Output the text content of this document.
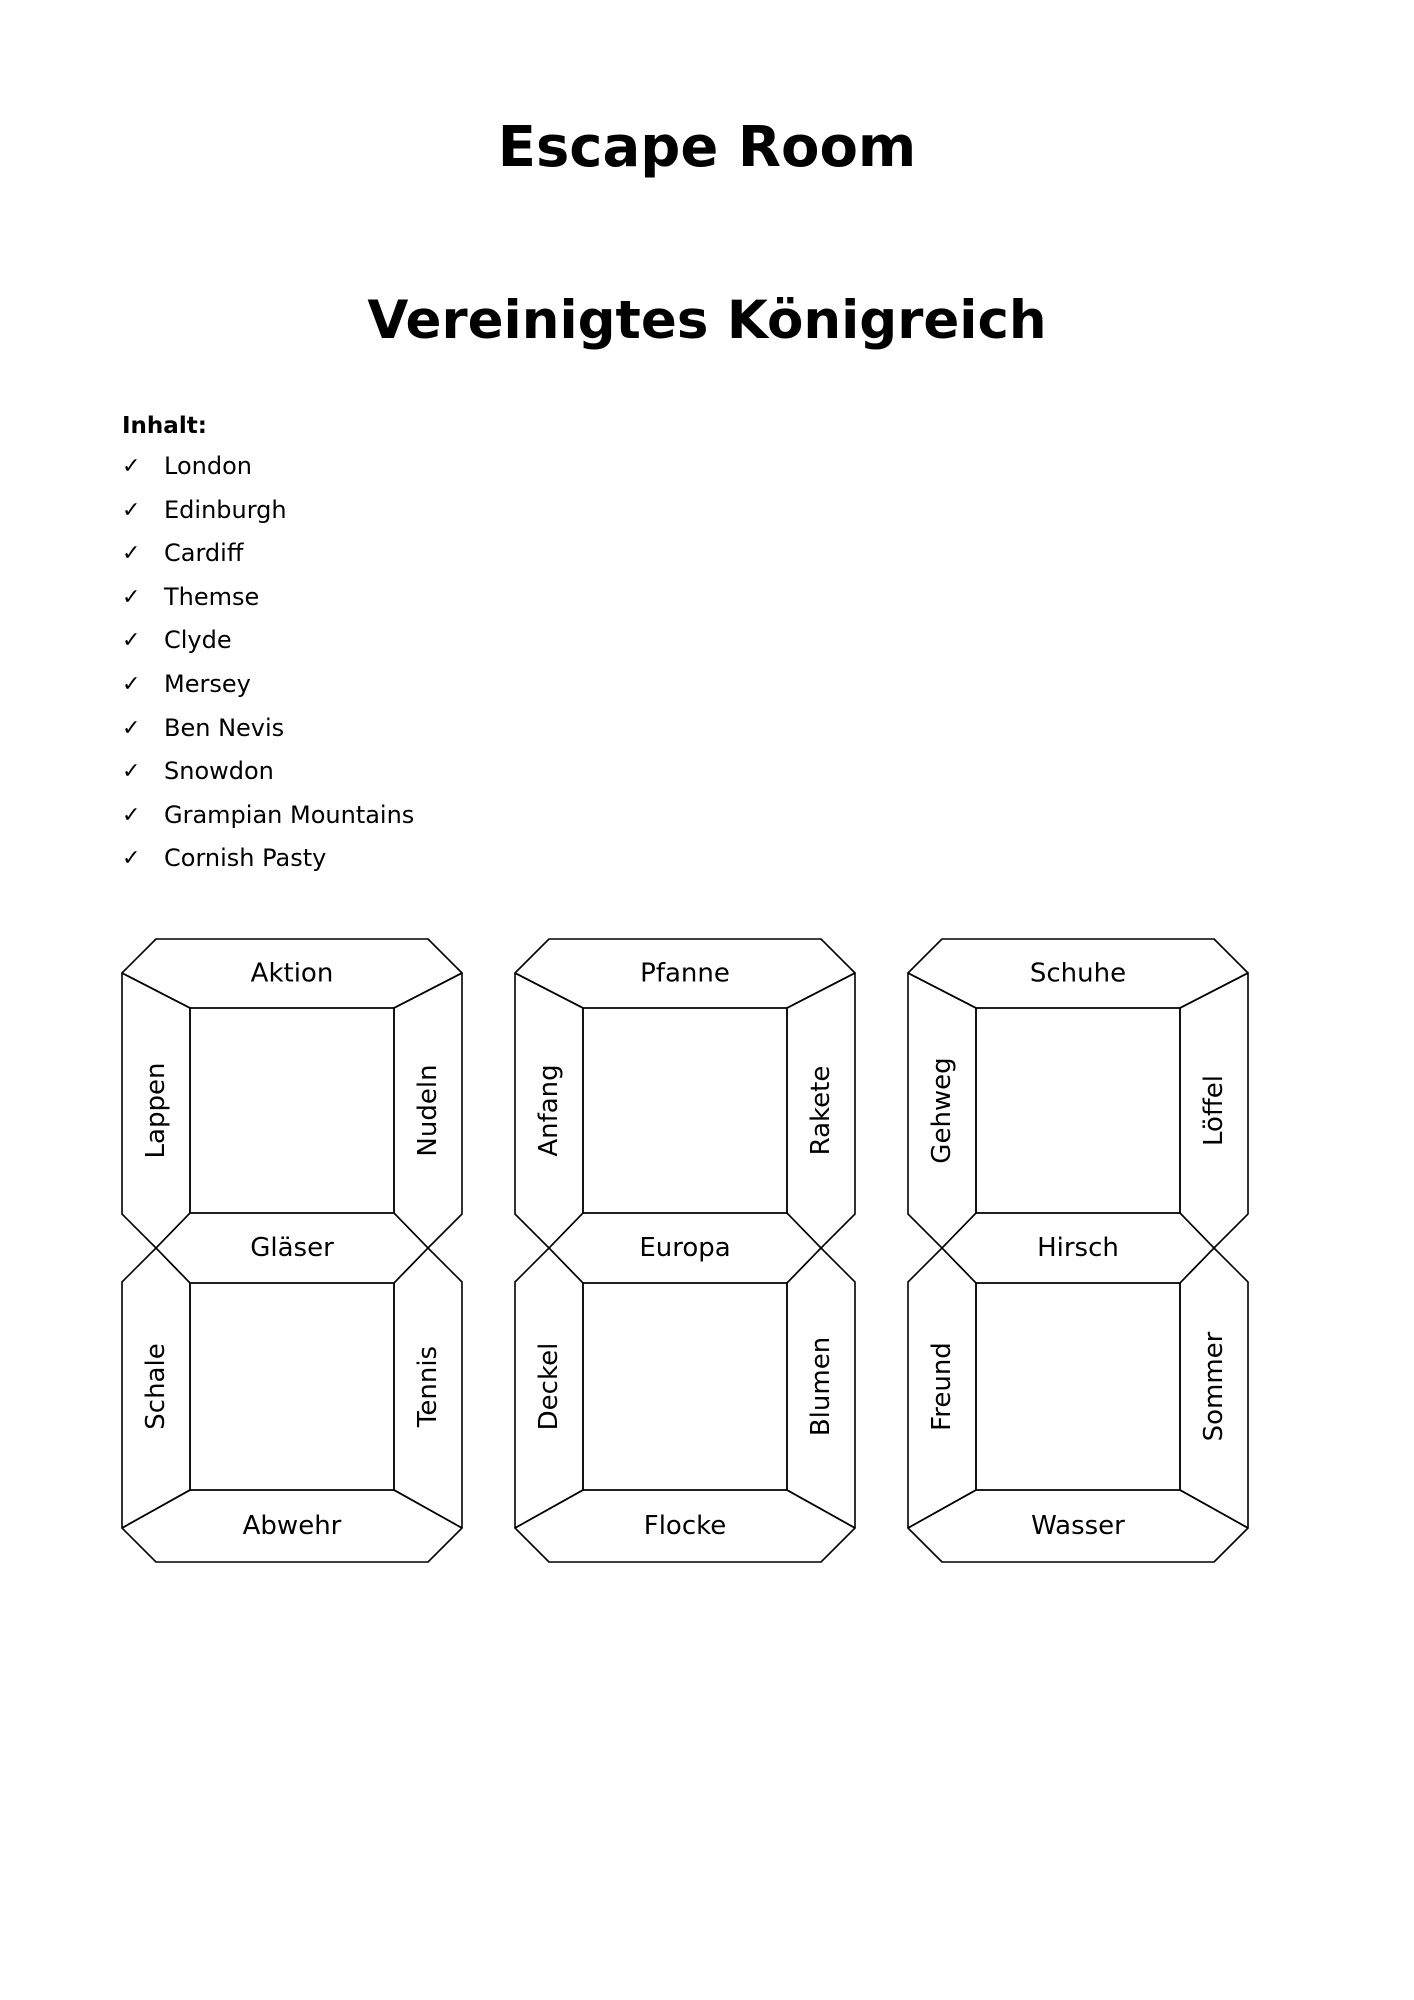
Escape Room
Vereinigtes Königreich
Inhalt:
✓ London
✓ Edinburgh
✓ Cardiff
✓ Themse
✓ Clyde
✓ Mersey
✓ Ben Nevis
✓ Snowdon
✓ Grampian Mountains
✓ Cornish Pasty
Aktion
Lappen	Nudeln
Gläser
Schale	Tennis
Abwehr
Pfanne
Anfang	Rakete
Europa
Deckel	Blumen
Flocke
Schuhe
Gehweg	Löffel
Hirsch
Freund	Sommer
Wasser
